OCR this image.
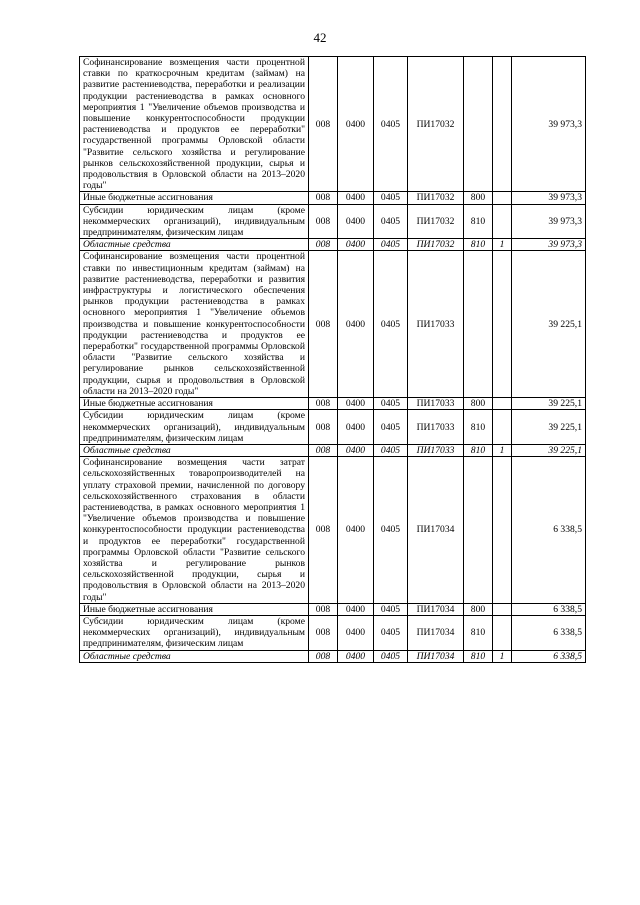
42
Софинансирование возмещения части процентной ставки по краткосрочным кредитам (займам) на развитие растениеводства, переработки и реализации продукции растениеводства в рамках основного мероприятия 1 "Увеличение объемов производства и повышение конкурентоспособности продукции растениеводства и продуктов ее переработки" государственной программы Орловской области "Развитие сельского хозяйства и регулирование рынков сельскохозяйственной продукции, сырья и продовольствия в Орловской области на 2013–2020 годы"	008	0400	0405	ПИ17032			39 973,3
Иные бюджетные ассигнования	008	0400	0405	ПИ17032	800		39 973,3
Субсидии юридическим лицам (кроме некоммерческих организаций), индивидуальным предпринимателям, физическим лицам	008	0400	0405	ПИ17032	810		39 973,3
Областные средства	008	0400	0405	ПИ17032	810	1	39 973,3
Софинансирование возмещения части процентной ставки по инвестиционным кредитам (займам) на развитие растениеводства, переработки и развития инфраструктуры и логистического обеспечения рынков продукции растениеводства в рамках основного мероприятия 1 "Увеличение объемов производства и повышение конкурентоспособности продукции растениеводства и продуктов ее переработки" государственной программы Орловской области "Развитие сельского хозяйства и регулирование рынков сельскохозяйственной продукции, сырья и продовольствия в Орловской области на 2013–2020 годы"	008	0400	0405	ПИ17033			39 225,1
Иные бюджетные ассигнования	008	0400	0405	ПИ17033	800		39 225,1
Субсидии юридическим лицам (кроме некоммерческих организаций), индивидуальным предпринимателям, физическим лицам	008	0400	0405	ПИ17033	810		39 225,1
Областные средства	008	0400	0405	ПИ17033	810	1	39 225,1
Софинансирование возмещения части затрат сельскохозяйственных товаропроизводителей на уплату страховой премии, начисленной по договору сельскохозяйственного страхования в области растениеводства, в рамках основного мероприятия 1 "Увеличение объемов производства и повышение конкурентоспособности продукции растениеводства и продуктов ее переработки" государственной программы Орловской области "Развитие сельского хозяйства и регулирование рынков сельскохозяйственной продукции, сырья и продовольствия в Орловской области на 2013–2020 годы"	008	0400	0405	ПИ17034			6 338,5
Иные бюджетные ассигнования	008	0400	0405	ПИ17034	800		6 338,5
Субсидии юридическим лицам (кроме некоммерческих организаций), индивидуальным предпринимателям, физическим лицам	008	0400	0405	ПИ17034	810		6 338,5
Областные средства	008	0400	0405	ПИ17034	810	1	6 338,5
